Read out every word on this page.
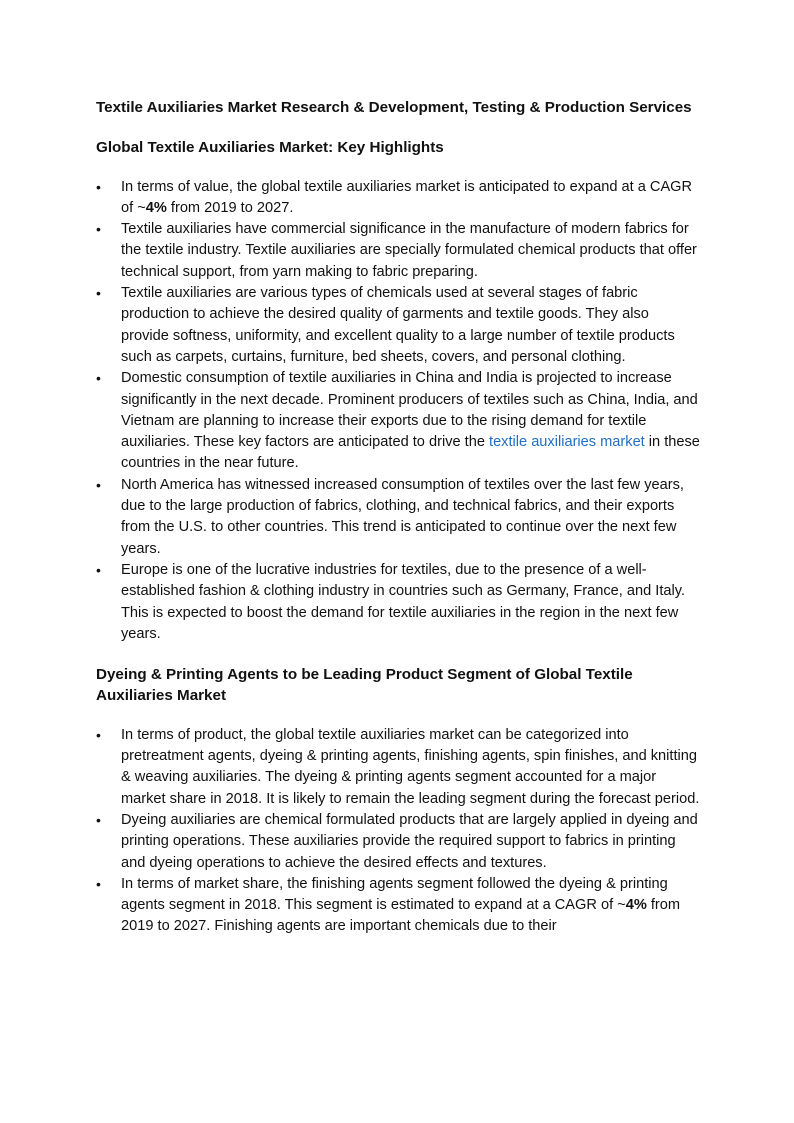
Textile Auxiliaries Market Research & Development, Testing & Production Services
Global Textile Auxiliaries Market: Key Highlights
• In terms of value, the global textile auxiliaries market is anticipated to expand at a CAGR of ~4% from 2019 to 2027.
• Textile auxiliaries have commercial significance in the manufacture of modern fabrics for the textile industry. Textile auxiliaries are specially formulated chemical products that offer technical support, from yarn making to fabric preparing.
• Textile auxiliaries are various types of chemicals used at several stages of fabric production to achieve the desired quality of garments and textile goods. They also provide softness, uniformity, and excellent quality to a large number of textile products such as carpets, curtains, furniture, bed sheets, covers, and personal clothing.
• Domestic consumption of textile auxiliaries in China and India is projected to increase significantly in the next decade. Prominent producers of textiles such as China, India, and Vietnam are planning to increase their exports due to the rising demand for textile auxiliaries. These key factors are anticipated to drive the textile auxiliaries market in these countries in the near future.
• North America has witnessed increased consumption of textiles over the last few years, due to the large production of fabrics, clothing, and technical fabrics, and their exports from the U.S. to other countries. This trend is anticipated to continue over the next few years.
• Europe is one of the lucrative industries for textiles, due to the presence of a well-established fashion & clothing industry in countries such as Germany, France, and Italy. This is expected to boost the demand for textile auxiliaries in the region in the next few years.
Dyeing & Printing Agents to be Leading Product Segment of Global Textile Auxiliaries Market
• In terms of product, the global textile auxiliaries market can be categorized into pretreatment agents, dyeing & printing agents, finishing agents, spin finishes, and knitting & weaving auxiliaries. The dyeing & printing agents segment accounted for a major market share in 2018. It is likely to remain the leading segment during the forecast period.
• Dyeing auxiliaries are chemical formulated products that are largely applied in dyeing and printing operations. These auxiliaries provide the required support to fabrics in printing and dyeing operations to achieve the desired effects and textures.
• In terms of market share, the finishing agents segment followed the dyeing & printing agents segment in 2018. This segment is estimated to expand at a CAGR of ~4% from 2019 to 2027. Finishing agents are important chemicals due to their
